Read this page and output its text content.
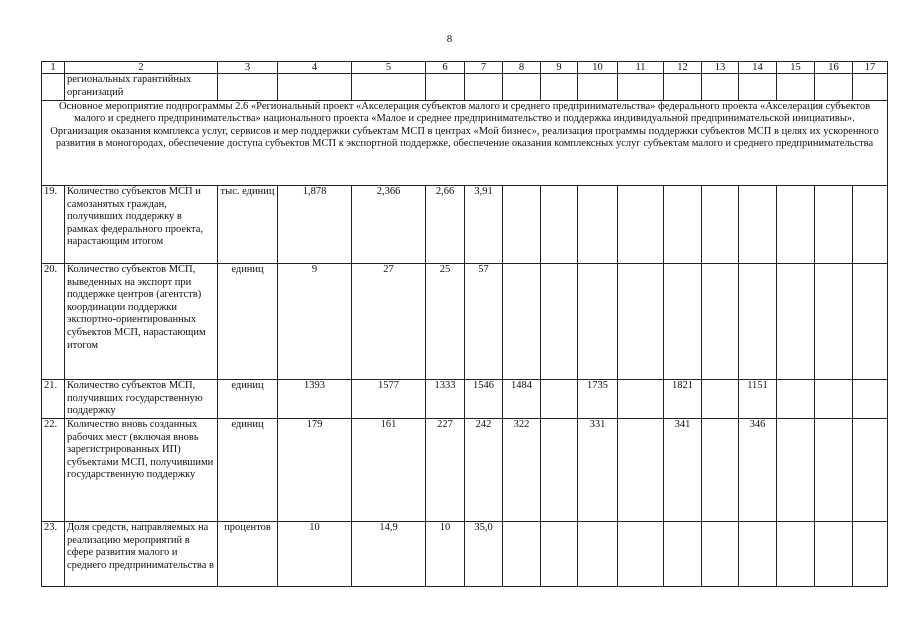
8
1	2	3	4	5	6	7	8	9	10	11	12	13	14	15	16	17
	региональных гарантийных организаций															

Основное мероприятие подпрограммы 2.6 «Региональный проект «Акселерация субъектов малого и среднего предпринимательства» федерального проекта «Акселерация субъектов малого и среднего предпринимательства» национального проекта «Малое и среднее предпринимательство и поддержка индивидуальной предпринимательской инициативы».
Организация оказания комплекса услуг, сервисов и мер поддержки субъектам МСП в центрах «Мой бизнес», реализация программы поддержки субъектов МСП в целях их ускоренного развития в моногородах, обеспечение доступа субъектов МСП к экспортной поддержке, обеспечение оказания комплексных услуг субъектам малого и среднего предпринимательства																

19.	Количество субъектов МСП и самозанятых граждан, получивших поддержку в рамках федерального проекта, нарастающим итогом	тыс. единиц	1,878	2,366	2,66	3,91										
20.	Количество субъектов МСП, выведенных на экспорт при поддержке центров (агентств) координации поддержки экспортно-ориентированных субъектов МСП, нарастающим итогом	единиц	9	27	25	57										
21.	Количество субъектов МСП, получивших государственную поддержку	единиц	1393	1577	1333	1546	1484		1735		1821		1151			
22.	Количество вновь созданных рабочих мест (включая вновь зарегистрированных ИП) субъектами МСП, получившими государственную поддержку	единиц	179	161	227	242	322		331		341		346			
23.	Доля средств, направляемых на реализацию мероприятий в сфере развития малого и среднего предпринимательства в	процентов	10	14,9	10	35,0										
